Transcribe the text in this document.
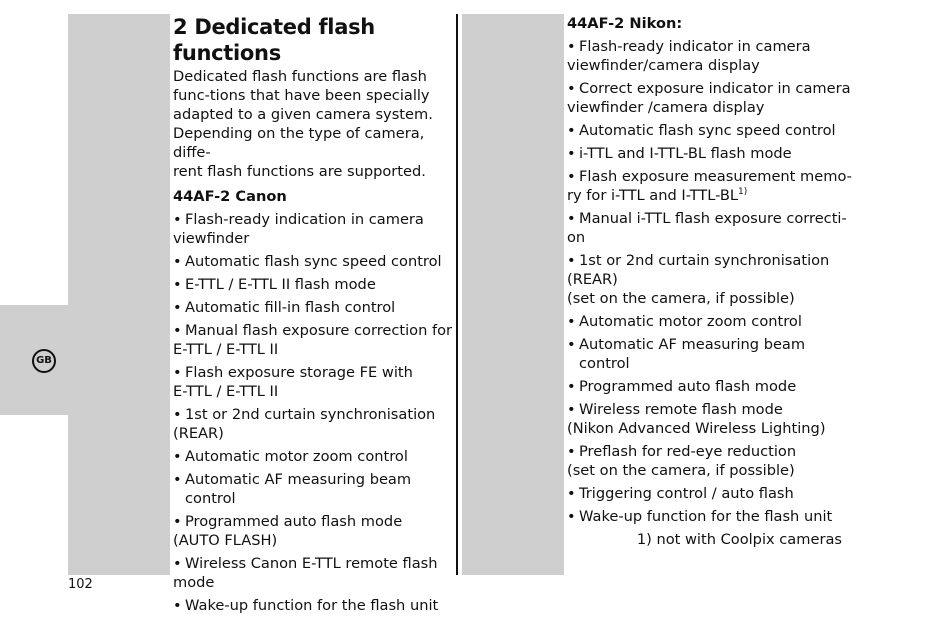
GB
2 Dedicated flash functions
Dedicated flash functions are flash
func-tions that have been specially
adapted to a given camera system.
Depending on the type of camera, diffe-
rent flash functions are supported.
44AF-2 Canon
• Flash-ready indication in camera
viewfinder
• Automatic flash sync speed control
• E-TTL / E-TTL II flash mode
• Automatic fill-in flash control
• Manual flash exposure correction for
E-TTL / E-TTL II
• Flash exposure storage FE with
E-TTL / E-TTL II
• 1st or 2nd curtain synchronisation
(REAR)
• Automatic motor zoom control
• Automatic AF measuring beam control
• Programmed auto flash mode
(AUTO FLASH)
• Wireless Canon E-TTL remote flash
mode
• Wake-up function for the flash unit
44AF-2 Nikon:
• Flash-ready indicator in camera
viewfinder/camera display
• Correct exposure indicator in camera
viewfinder /camera display
• Automatic flash sync speed control
• i-TTL and I-TTL-BL flash mode
• Flash exposure measurement memo-
ry for i-TTL and I-TTL-BL$^{1)}$
• Manual i-TTL flash exposure correcti-
on
• 1st or 2nd curtain synchronisation
(REAR)
(set on the camera, if possible)
• Automatic motor zoom control
• Automatic AF measuring beam control
• Programmed auto flash mode
• Wireless remote flash mode
(Nikon Advanced Wireless Lighting)
• Preflash for red-eye reduction
(set on the camera, if possible)
• Triggering control / auto flash
• Wake-up function for the flash unit
1) not with Coolpix cameras
102
